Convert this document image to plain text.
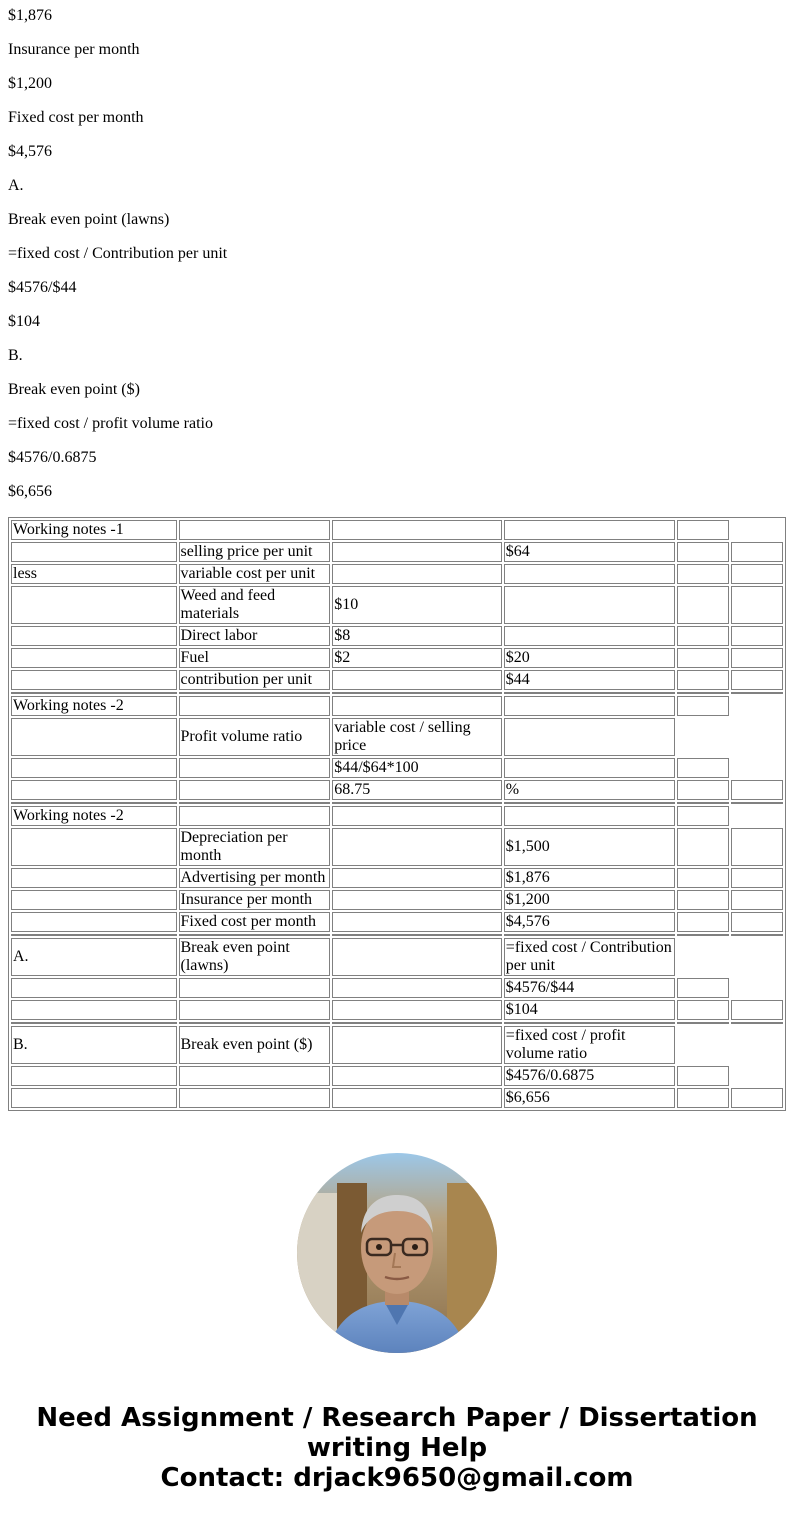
$1,876

Insurance per month

$1,200

Fixed cost per month

$4,576

A.

Break even point (lawns)

=fixed cost / Contribution per unit

$4576/$44

$104

B.

Break even point ($)

=fixed cost / profit volume ratio

$4576/0.6875

$6,656

Working notes -1					
	selling price per unit		$64		
less	variable cost per unit				
	Weed and feed materials	$10			
	Direct labor	$8			
	Fuel	$2	$20		
	contribution per unit		$44		

Working notes -2					
	Profit volume ratio	variable cost / selling price			
		$44/$64*100			
		68.75	%		

Working notes -2					
	Depreciation per month		$1,500		
	Advertising per month		$1,876		
	Insurance per month		$1,200		
	Fixed cost per month		$4,576		

A.	Break even point (lawns)		=fixed cost / Contribution per unit		
			$4576/$44		
			$104		

B.	Break even point ($)		=fixed cost / profit volume ratio		
			$4576/0.6875		
			$6,656		
Need Assignment / Research Paper / Dissertation
writing Help
Contact: drjack9650@gmail.com
